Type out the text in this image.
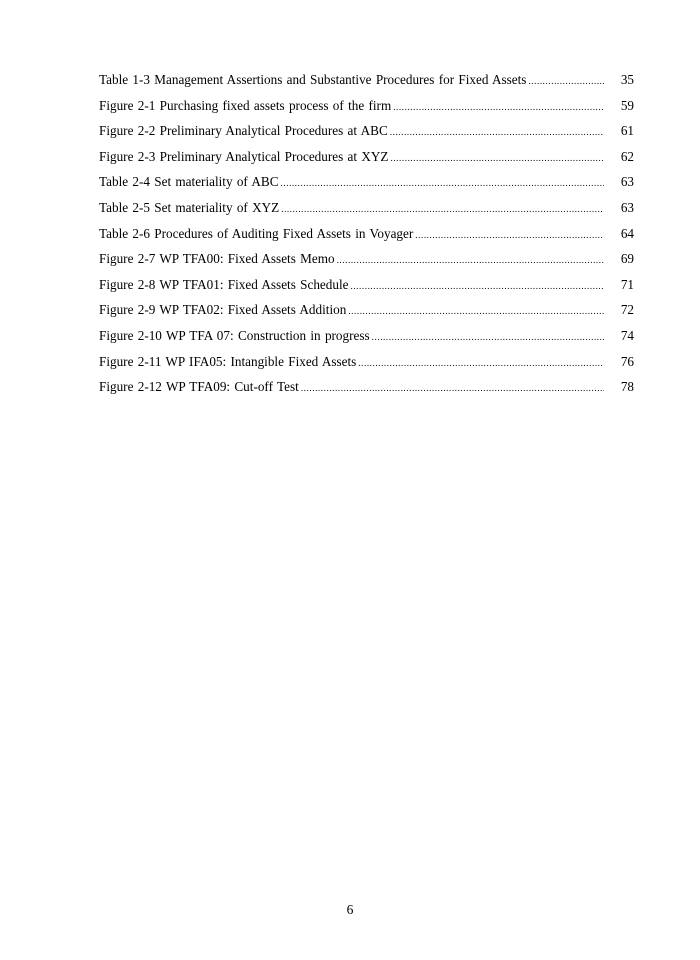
Table 1-3 Management Assertions and Substantive Procedures for Fixed Assets .....	35
Figure 2-1 Purchasing fixed assets process of the firm .....	59
Figure 2-2 Preliminary Analytical Procedures at ABC .....	61
Figure 2-3 Preliminary Analytical Procedures at XYZ .....	62
Table 2-4 Set materiality of ABC .....	63
Table 2-5 Set materiality of XYZ .....	63
Table 2-6 Procedures of Auditing Fixed Assets in Voyager .....	64
Figure 2-7 WP TFA00: Fixed Assets Memo .....	69
Figure 2-8 WP TFA01: Fixed Assets Schedule .....	71
Figure 2-9 WP TFA02: Fixed Assets Addition .....	72
Figure 2-10 WP TFA 07: Construction in progress .....	74
Figure 2-11 WP IFA05: Intangible Fixed Assets .....	76
Figure 2-12 WP TFA09: Cut-off Test .....	78
6
